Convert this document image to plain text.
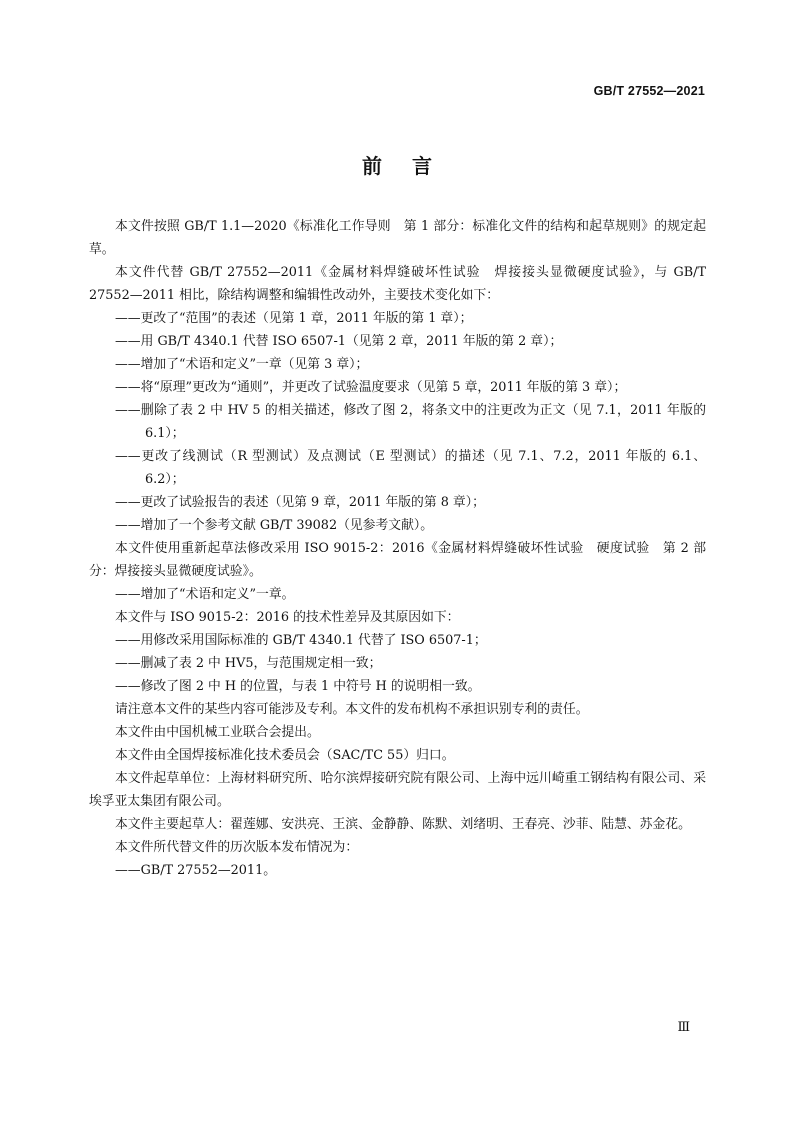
GB/T 27552—2021
前言
本文件按照 GB/T 1.1—2020《标准化工作导则　第 1 部分：标准化文件的结构和起草规则》的规定起草。
本文件代替 GB/T 27552—2011《金属材料焊缝破坏性试验　焊接接头显微硬度试验》，与 GB/T 27552—2011 相比，除结构调整和编辑性改动外，主要技术变化如下：
——更改了“范围”的表述（见第 1 章，2011 年版的第 1 章）；
——用 GB/T 4340.1 代替 ISO 6507-1（见第 2 章，2011 年版的第 2 章）；
——增加了“术语和定义”一章（见第 3 章）；
——将“原理”更改为“通则”，并更改了试验温度要求（见第 5 章，2011 年版的第 3 章）；
——删除了表 2 中 HV 5 的相关描述，修改了图 2，将条文中的注更改为正文（见 7.1，2011 年版的 6.1）；
——更改了线测试（R 型测试）及点测试（E 型测试）的描述（见 7.1、7.2，2011 年版的 6.1、6.2）；
——更改了试验报告的表述（见第 9 章，2011 年版的第 8 章）；
——增加了一个参考文献 GB/T 39082（见参考文献）。
本文件使用重新起草法修改采用 ISO 9015-2：2016《金属材料焊缝破坏性试验　硬度试验　第 2 部分：焊接接头显微硬度试验》。
——增加了“术语和定义”一章。
本文件与 ISO 9015-2：2016 的技术性差异及其原因如下：
——用修改采用国际标准的 GB/T 4340.1 代替了 ISO 6507-1；
——删减了表 2 中 HV5，与范围规定相一致；
——修改了图 2 中 H 的位置，与表 1 中符号 H 的说明相一致。
请注意本文件的某些内容可能涉及专利。本文件的发布机构不承担识别专利的责任。
本文件由中国机械工业联合会提出。
本文件由全国焊接标准化技术委员会（SAC/TC 55）归口。
本文件起草单位：上海材料研究所、哈尔滨焊接研究院有限公司、上海中远川崎重工钢结构有限公司、采埃孚亚太集团有限公司。
本文件主要起草人：翟莲娜、安洪亮、王滨、金静静、陈默、刘绪明、王春亮、沙菲、陆慧、苏金花。
本文件所代替文件的历次版本发布情况为：
——GB/T 27552—2011。
Ⅲ
